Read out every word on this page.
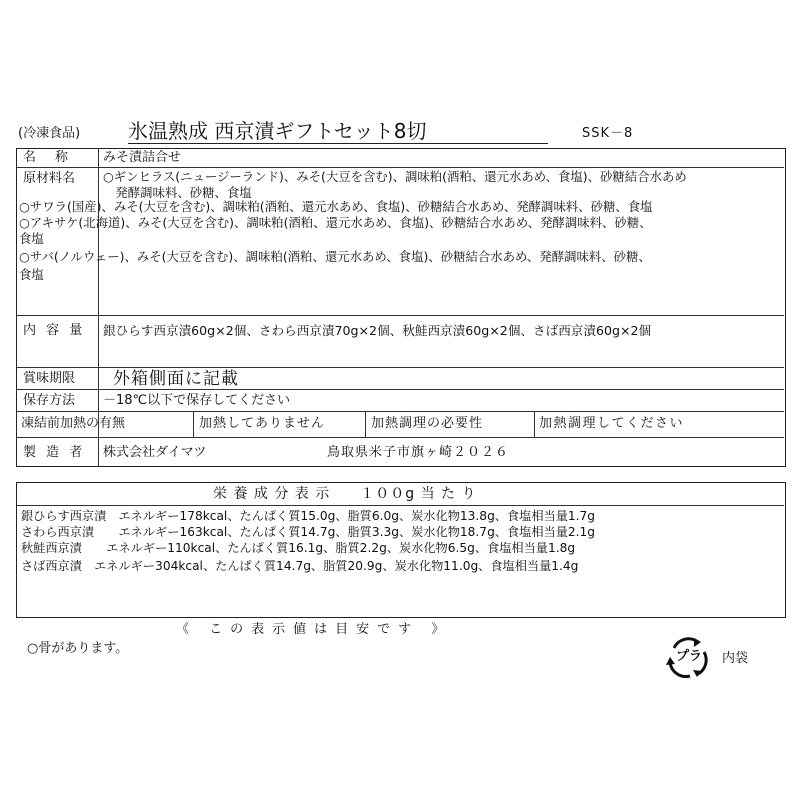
(冷凍食品) 氷温熟成 西京漬ギフトセット8切	SSK－8
名　称 みそ漬詰合せ
原材料名 ○ギンヒラス(ニュージーランド)、みそ(大豆を含む)、調味粕(酒粕、還元水あめ、食塩)、砂糖結合水あめ
　発酵調味料、砂糖、食塩
○サワラ(国産)、みそ(大豆を含む)、調味粕(酒粕、還元水あめ、食塩)、砂糖結合水あめ、発酵調味料、砂糖、食塩
○アキサケ(北海道)、みそ(大豆を含む)、調味粕(酒粕、還元水あめ、食塩)、砂糖結合水あめ、発酵調味料、砂糖、
食塩
○サバ(ノルウェー)、みそ(大豆を含む)、調味粕(酒粕、還元水あめ、食塩)、砂糖結合水あめ、発酵調味料、砂糖、
食塩
内 容 量 銀ひらす西京漬60g×2個、さわら西京漬70g×2個、秋鮭西京漬60g×2個、さば西京漬60g×2個
賞味期限 外箱側面に記載
保存方法 －18℃以下で保存してください
凍結前加熱の有無	加熱してありません	加熱調理の必要性	加熱調理してください
製 造 者 株式会社ダイマツ	鳥取県米子市旗ヶ崎２０２６
栄 養 成 分 表 示　　１００g 当 た り
銀ひらす西京漬　エネルギー178kcal、たんぱく質15.0g、脂質6.0g、炭水化物13.8g、食塩相当量1.7g
さわら西京漬　　エネルギー163kcal、たんぱく質14.7g、脂質3.3g、炭水化物18.7g、食塩相当量2.1g
秋鮭西京漬　　エネルギー110kcal、たんぱく質16.1g、脂質2.2g、炭水化物6.5g、食塩相当量1.8g
さば西京漬　エネルギー304kcal、たんぱく質14.7g、脂質20.9g、炭水化物11.0g、食塩相当量1.4g
《 この表示値は目安です 》
○骨があります。
プラ 内袋
